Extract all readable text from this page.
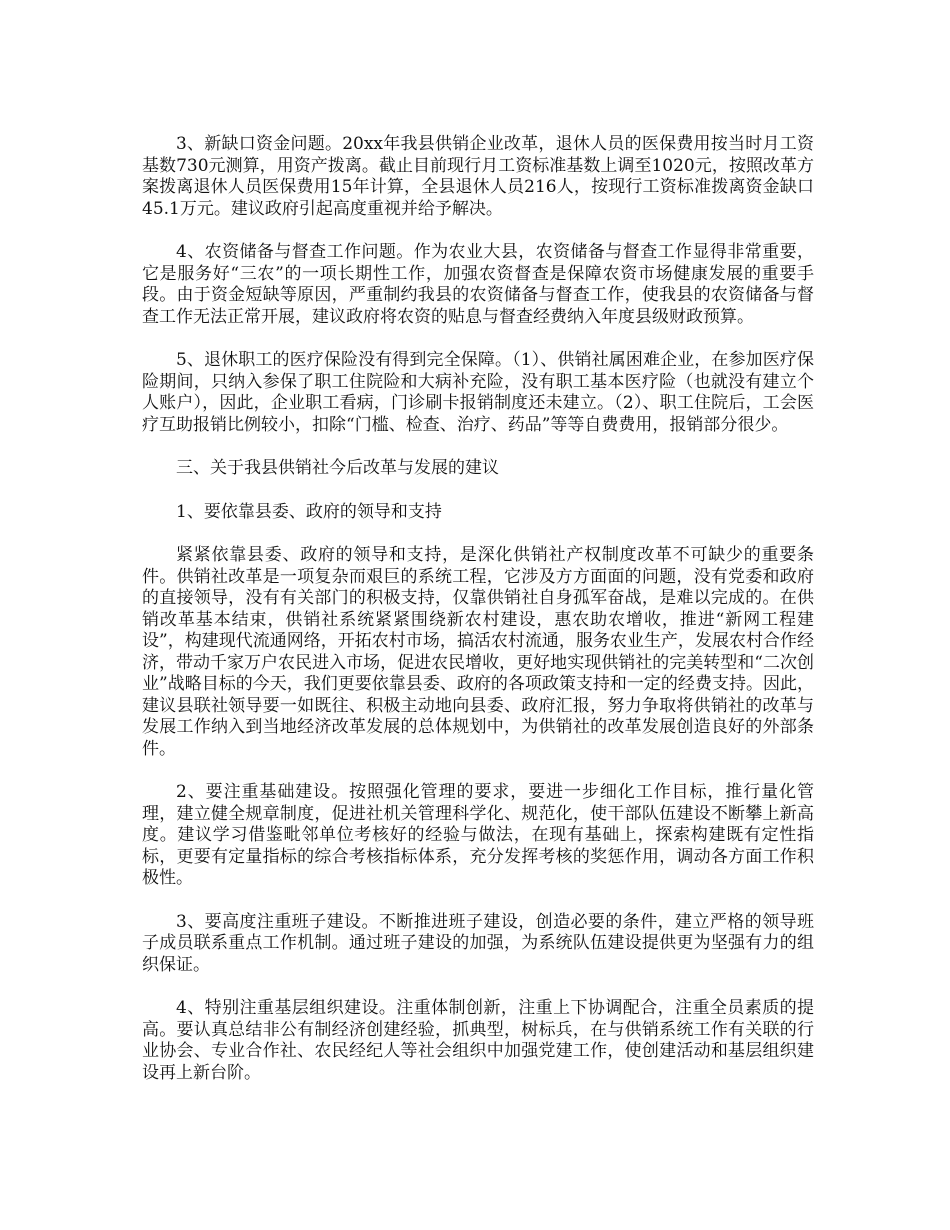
3、新缺口资金问题。20xx年我县供销企业改革，退休人员的医保费用按当时月工资基数730元测算，用资产拨离。截止目前现行月工资标准基数上调至1020元，按照改革方案拨离退休人员医保费用15年计算，全县退休人员216人，按现行工资标准拨离资金缺口45.1万元。建议政府引起高度重视并给予解决。

4、农资储备与督查工作问题。作为农业大县，农资储备与督查工作显得非常重要，它是服务好“三农”的一项长期性工作，加强农资督查是保障农资市场健康发展的重要手段。由于资金短缺等原因，严重制约我县的农资储备与督查工作，使我县的农资储备与督查工作无法正常开展，建议政府将农资的贴息与督查经费纳入年度县级财政预算。

5、退休职工的医疗保险没有得到完全保障。（1）、供销社属困难企业，在参加医疗保险期间，只纳入参保了职工住院险和大病补充险，没有职工基本医疗险（也就没有建立个人账户），因此，企业职工看病，门诊刷卡报销制度还未建立。（2）、职工住院后，工会医疗互助报销比例较小，扣除“门槛、检查、治疗、药品”等等自费费用，报销部分很少。

三、关于我县供销社今后改革与发展的建议

1、要依靠县委、政府的领导和支持

紧紧依靠县委、政府的领导和支持，是深化供销社产权制度改革不可缺少的重要条件。供销社改革是一项复杂而艰巨的系统工程，它涉及方方面面的问题，没有党委和政府的直接领导，没有有关部门的积极支持，仅靠供销社自身孤军奋战，是难以完成的。在供销改革基本结束，供销社系统紧紧围绕新农村建设，惠农助农增收，推进“新网工程建设”，构建现代流通网络，开拓农村市场，搞活农村流通，服务农业生产，发展农村合作经济，带动千家万户农民进入市场，促进农民增收，更好地实现供销社的完美转型和“二次创业”战略目标的今天，我们更要依靠县委、政府的各项政策支持和一定的经费支持。因此，建议县联社领导要一如既往、积极主动地向县委、政府汇报，努力争取将供销社的改革与发展工作纳入到当地经济改革发展的总体规划中，为供销社的改革发展创造良好的外部条件。

2、要注重基础建设。按照强化管理的要求，要进一步细化工作目标，推行量化管理，建立健全规章制度，促进社机关管理科学化、规范化，使干部队伍建设不断攀上新高度。建议学习借鉴毗邻单位考核好的经验与做法，在现有基础上，探索构建既有定性指标，更要有定量指标的综合考核指标体系，充分发挥考核的奖惩作用，调动各方面工作积极性。

3、要高度注重班子建设。不断推进班子建设，创造必要的条件，建立严格的领导班子成员联系重点工作机制。通过班子建设的加强，为系统队伍建设提供更为坚强有力的组织保证。

4、特别注重基层组织建设。注重体制创新，注重上下协调配合，注重全员素质的提高。要认真总结非公有制经济创建经验，抓典型，树标兵，在与供销系统工作有关联的行业协会、专业合作社、农民经纪人等社会组织中加强党建工作，使创建活动和基层组织建设再上新台阶。
